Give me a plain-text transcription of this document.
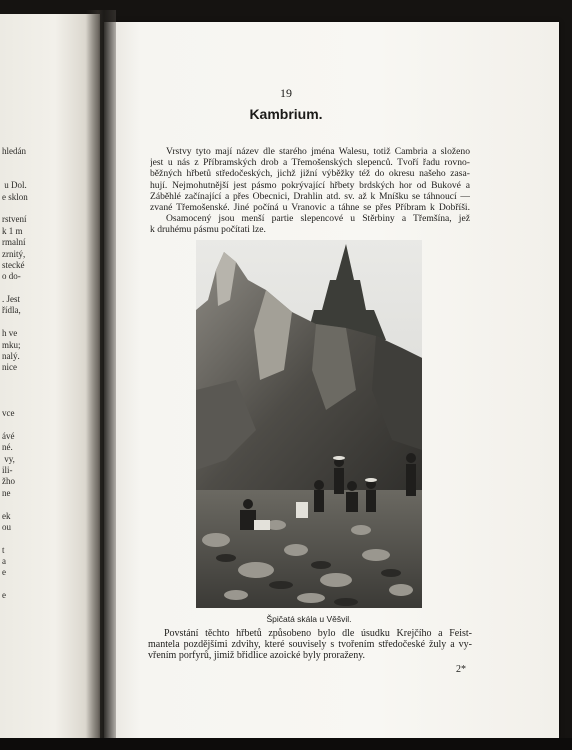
hledán
u Dol.
e sklon
rstvení
k 1 m
rmalní
zrnitý,
stecké
o do-
. Jest
řídla,
h ve
mku;
nalý.
nice
vce
ávé
né.
vy,
ili-
žho
ne
ek
ou
t
a
e
e
19
Kambrium.
Vrstvy tyto mají název dle starého jména Walesu, totiž Cambria a složeno
jest u nás z Příbramských drob a Třemošenských slepenců. Tvoří řadu rovno-
běžných hřbetů středočeských, jichž jižní výběžky též do okresu našeho zasa-
hují. Nejmohutnější jest pásmo pokrývající hřbety brdských hor od Bukové a
Záběhlé začínající a přes Obecnici, Drahlin atd. sv. až k Mníšku se táhnoucí —
zvané Třemošenské. Jiné počíná u Vranovic a táhne se přes Příbram k Dobříši.
Osamocený jsou menší partie slepencové u Stěrbiny a Třemšína, jež
k druhému pásmu počítati lze.
Špičatá skála u Věšvil.
Povstání těchto hřbetů způsobeno bylo dle úsudku Krejčího a Feist-
mantela pozdějšími zdvihy, které souvisely s tvořením středočeské žuly a vy-
vřením porfyrů, jimiž břidlice azoické byly proraženy.
2*
